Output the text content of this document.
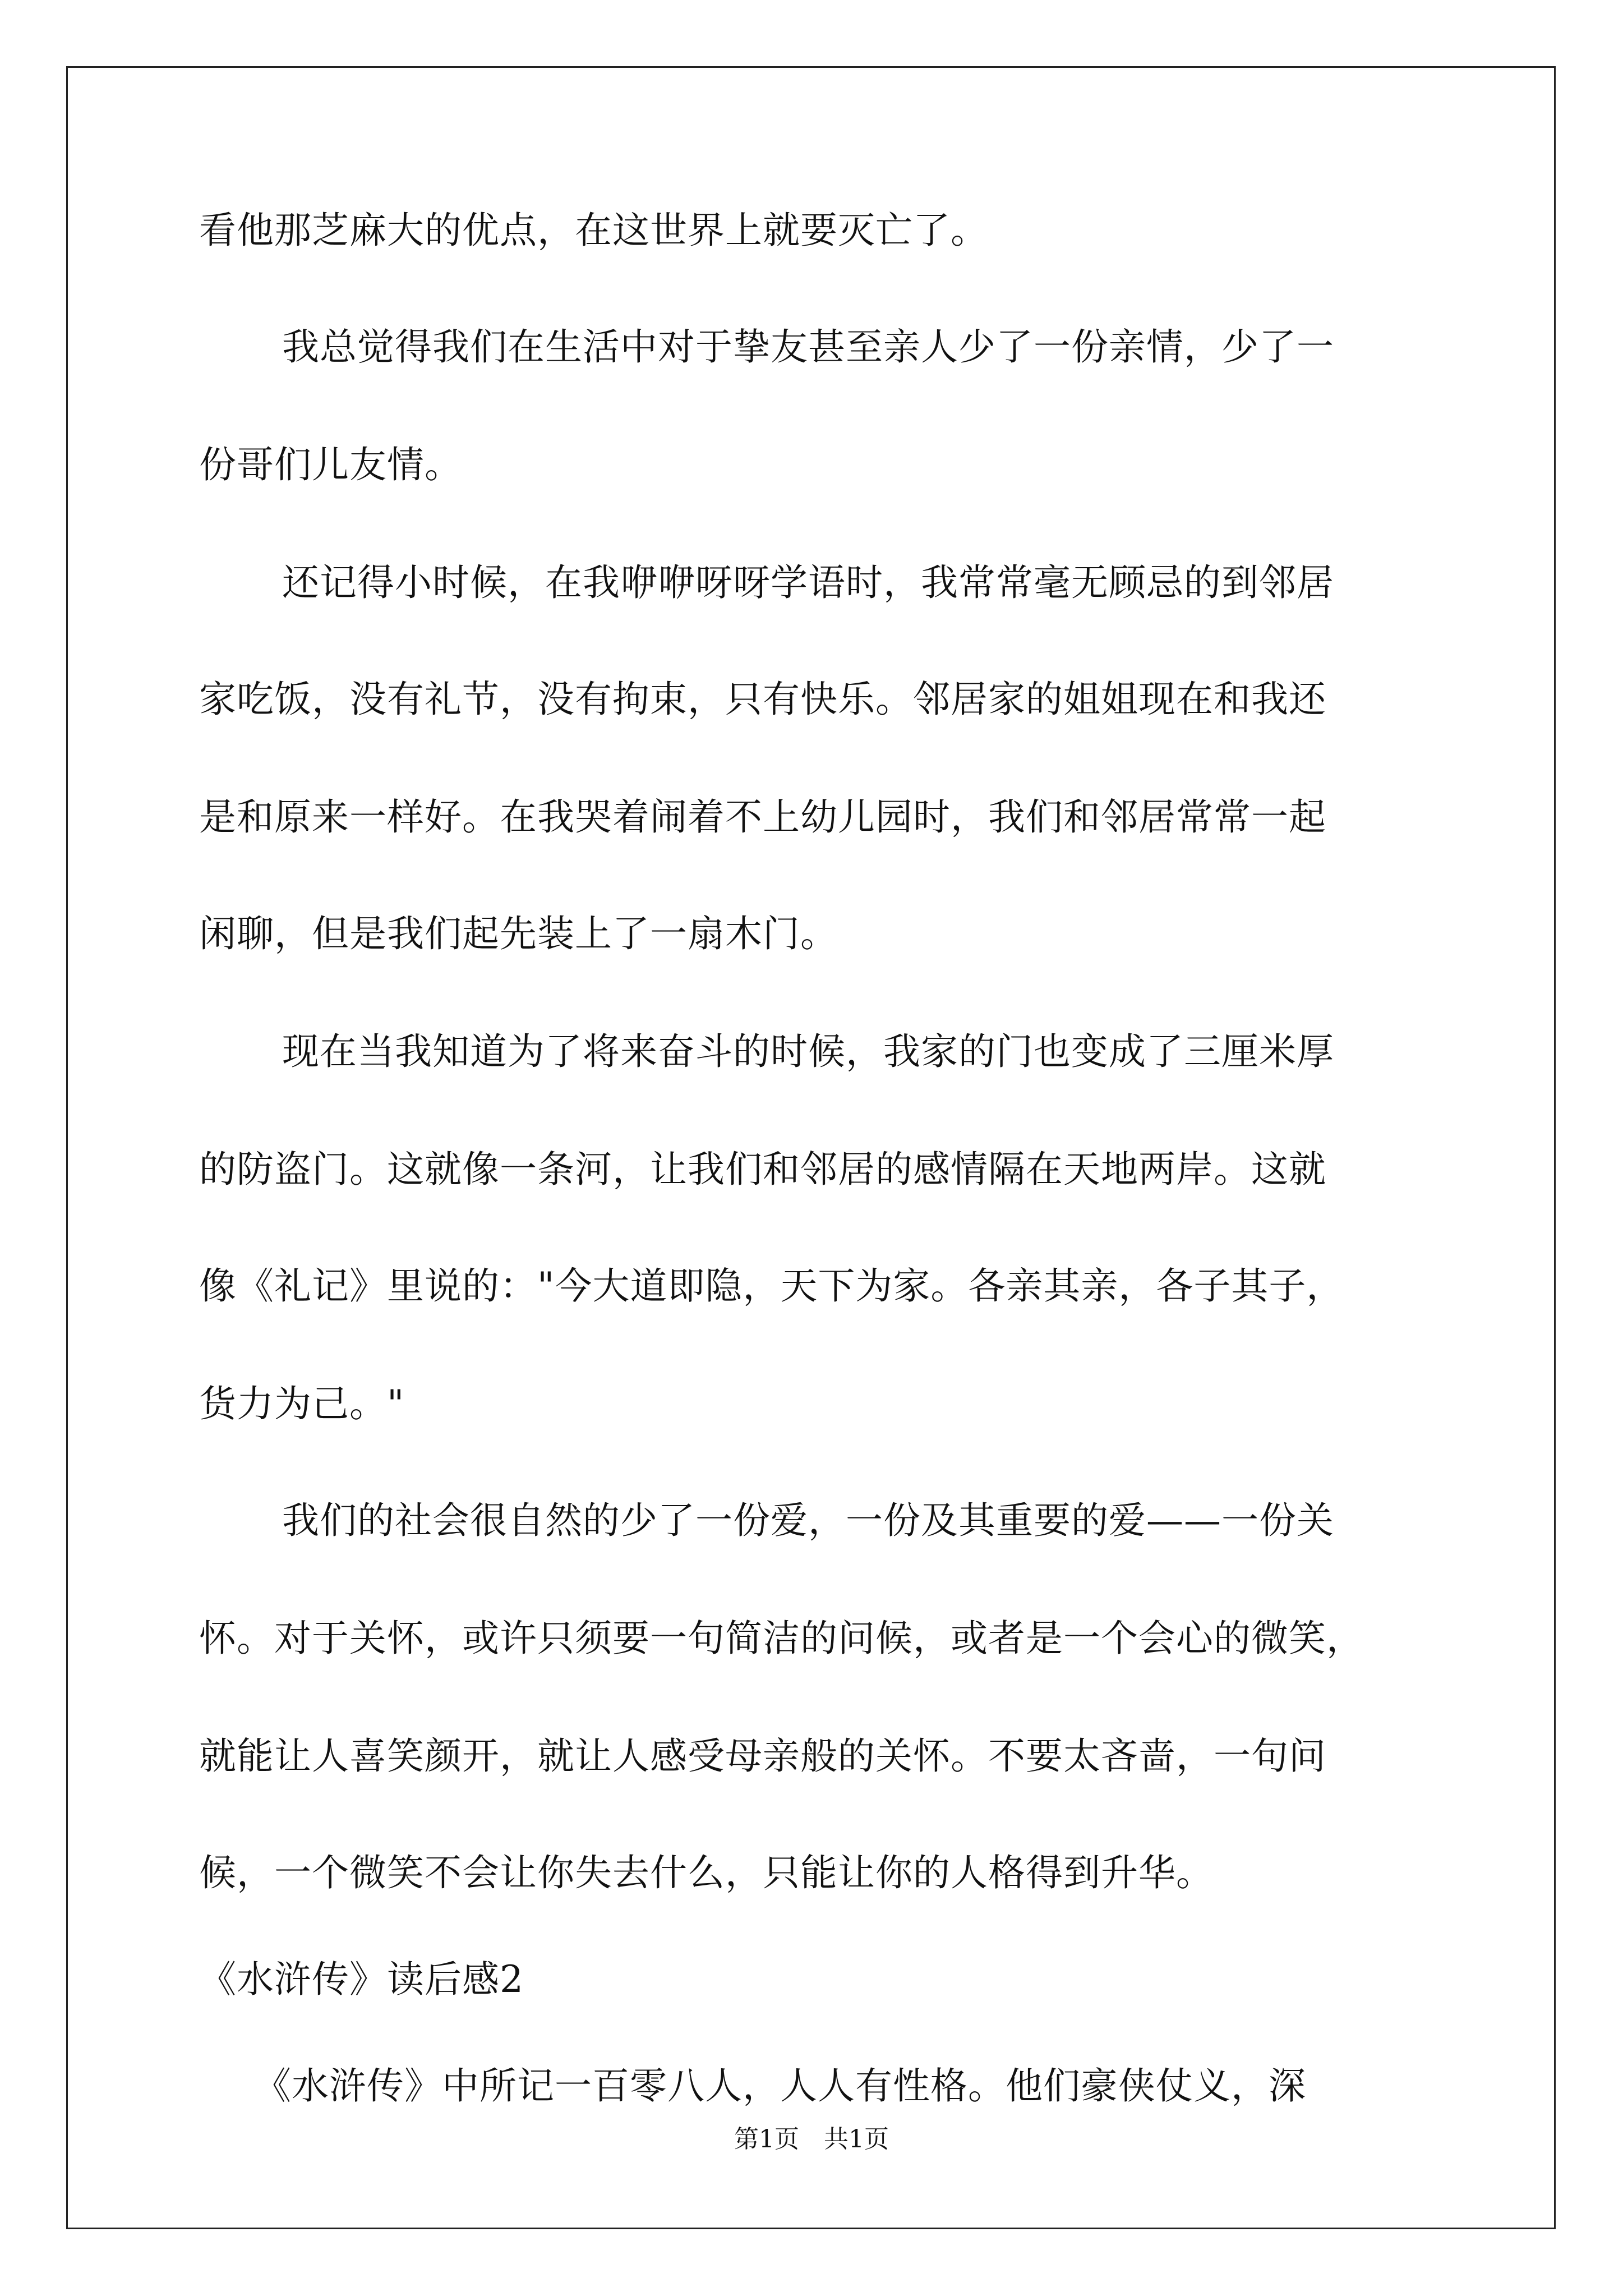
看他那芝麻大的优点，在这世界上就要灭亡了。
我总觉得我们在生活中对于挚友甚至亲人少了一份亲情，少了一
份哥们儿友情。
还记得小时候，在我咿咿呀呀学语时，我常常毫无顾忌的到邻居
家吃饭，没有礼节，没有拘束，只有快乐。邻居家的姐姐现在和我还
是和原来一样好。在我哭着闹着不上幼儿园时，我们和邻居常常一起
闲聊，但是我们起先装上了一扇木门。
现在当我知道为了将来奋斗的时候，我家的门也变成了三厘米厚
的防盗门。这就像一条河，让我们和邻居的感情隔在天地两岸。这就
像《礼记》里说的："今大道即隐，天下为家。各亲其亲，各子其子，
货力为己。"
我们的社会很自然的少了一份爱，一份及其重要的爱——一份关
怀。对于关怀，或许只须要一句简洁的问候，或者是一个会心的微笑，
就能让人喜笑颜开，就让人感受母亲般的关怀。不要太吝啬，一句问
候，一个微笑不会让你失去什么，只能让你的人格得到升华。
《水浒传》读后感2
《水浒传》中所记一百零八人，人人有性格。他们豪侠仗义，深
第1页　共1页
